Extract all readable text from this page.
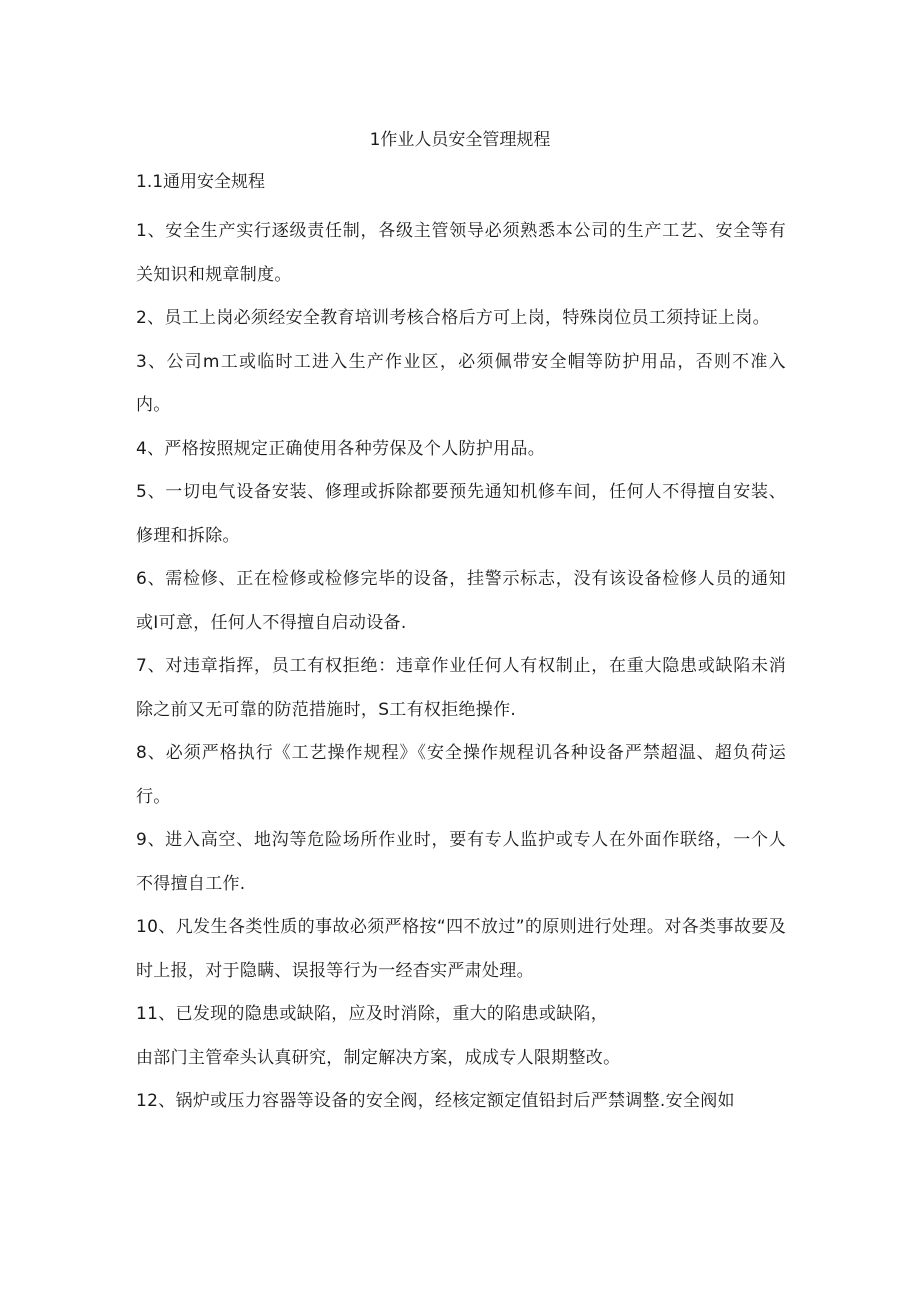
1作业人员安全管理规程
1.1通用安全规程

1、安全生产实行逐级责任制，各级主管领导必须熟悉本公司的生产工艺、安全等有关知识和规章制度。

2、员工上岗必须经安全教育培训考核合格后方可上岗，特殊岗位员工须持证上岗。

3、公司m工或临时工进入生产作业区，必须佩带安全帽等防护用品，否则不准入内。

4、严格按照规定正确使用各种劳保及个人防护用品。

5、一切电气设备安装、修理或拆除都要预先通知机修车间，任何人不得擅自安装、修理和拆除。

6、需检修、正在检修或检修完毕的设备，挂警示标志，没有该设备检修人员的通知或I可意，任何人不得擅自启动设备.

7、对违章指挥，员工有权拒绝：违章作业任何人有权制止，在重大隐患或缺陷未消除之前又无可靠的防范措施时，S工有权拒绝操作.

8、必须严格执行《工艺操作规程》《安全操作规程讥各种设备严禁超温、超负荷运行。

9、进入高空、地沟等危险场所作业时，要有专人监护或专人在外面作联络，一个人不得擅自工作.

10、凡发生各类性质的事故必须严格按“四不放过”的原则进行处理。对各类事故要及时上报，对于隐瞒、误报等行为一经杳实严肃处理。

11、已发现的隐患或缺陷，应及时消除，重大的陷患或缺陷，

由部门主管牵头认真研究，制定解决方案，成成专人限期整改。

12、锅炉或压力容器等设备的安全阀，经核定额定值铅封后严禁调整.安全阀如
